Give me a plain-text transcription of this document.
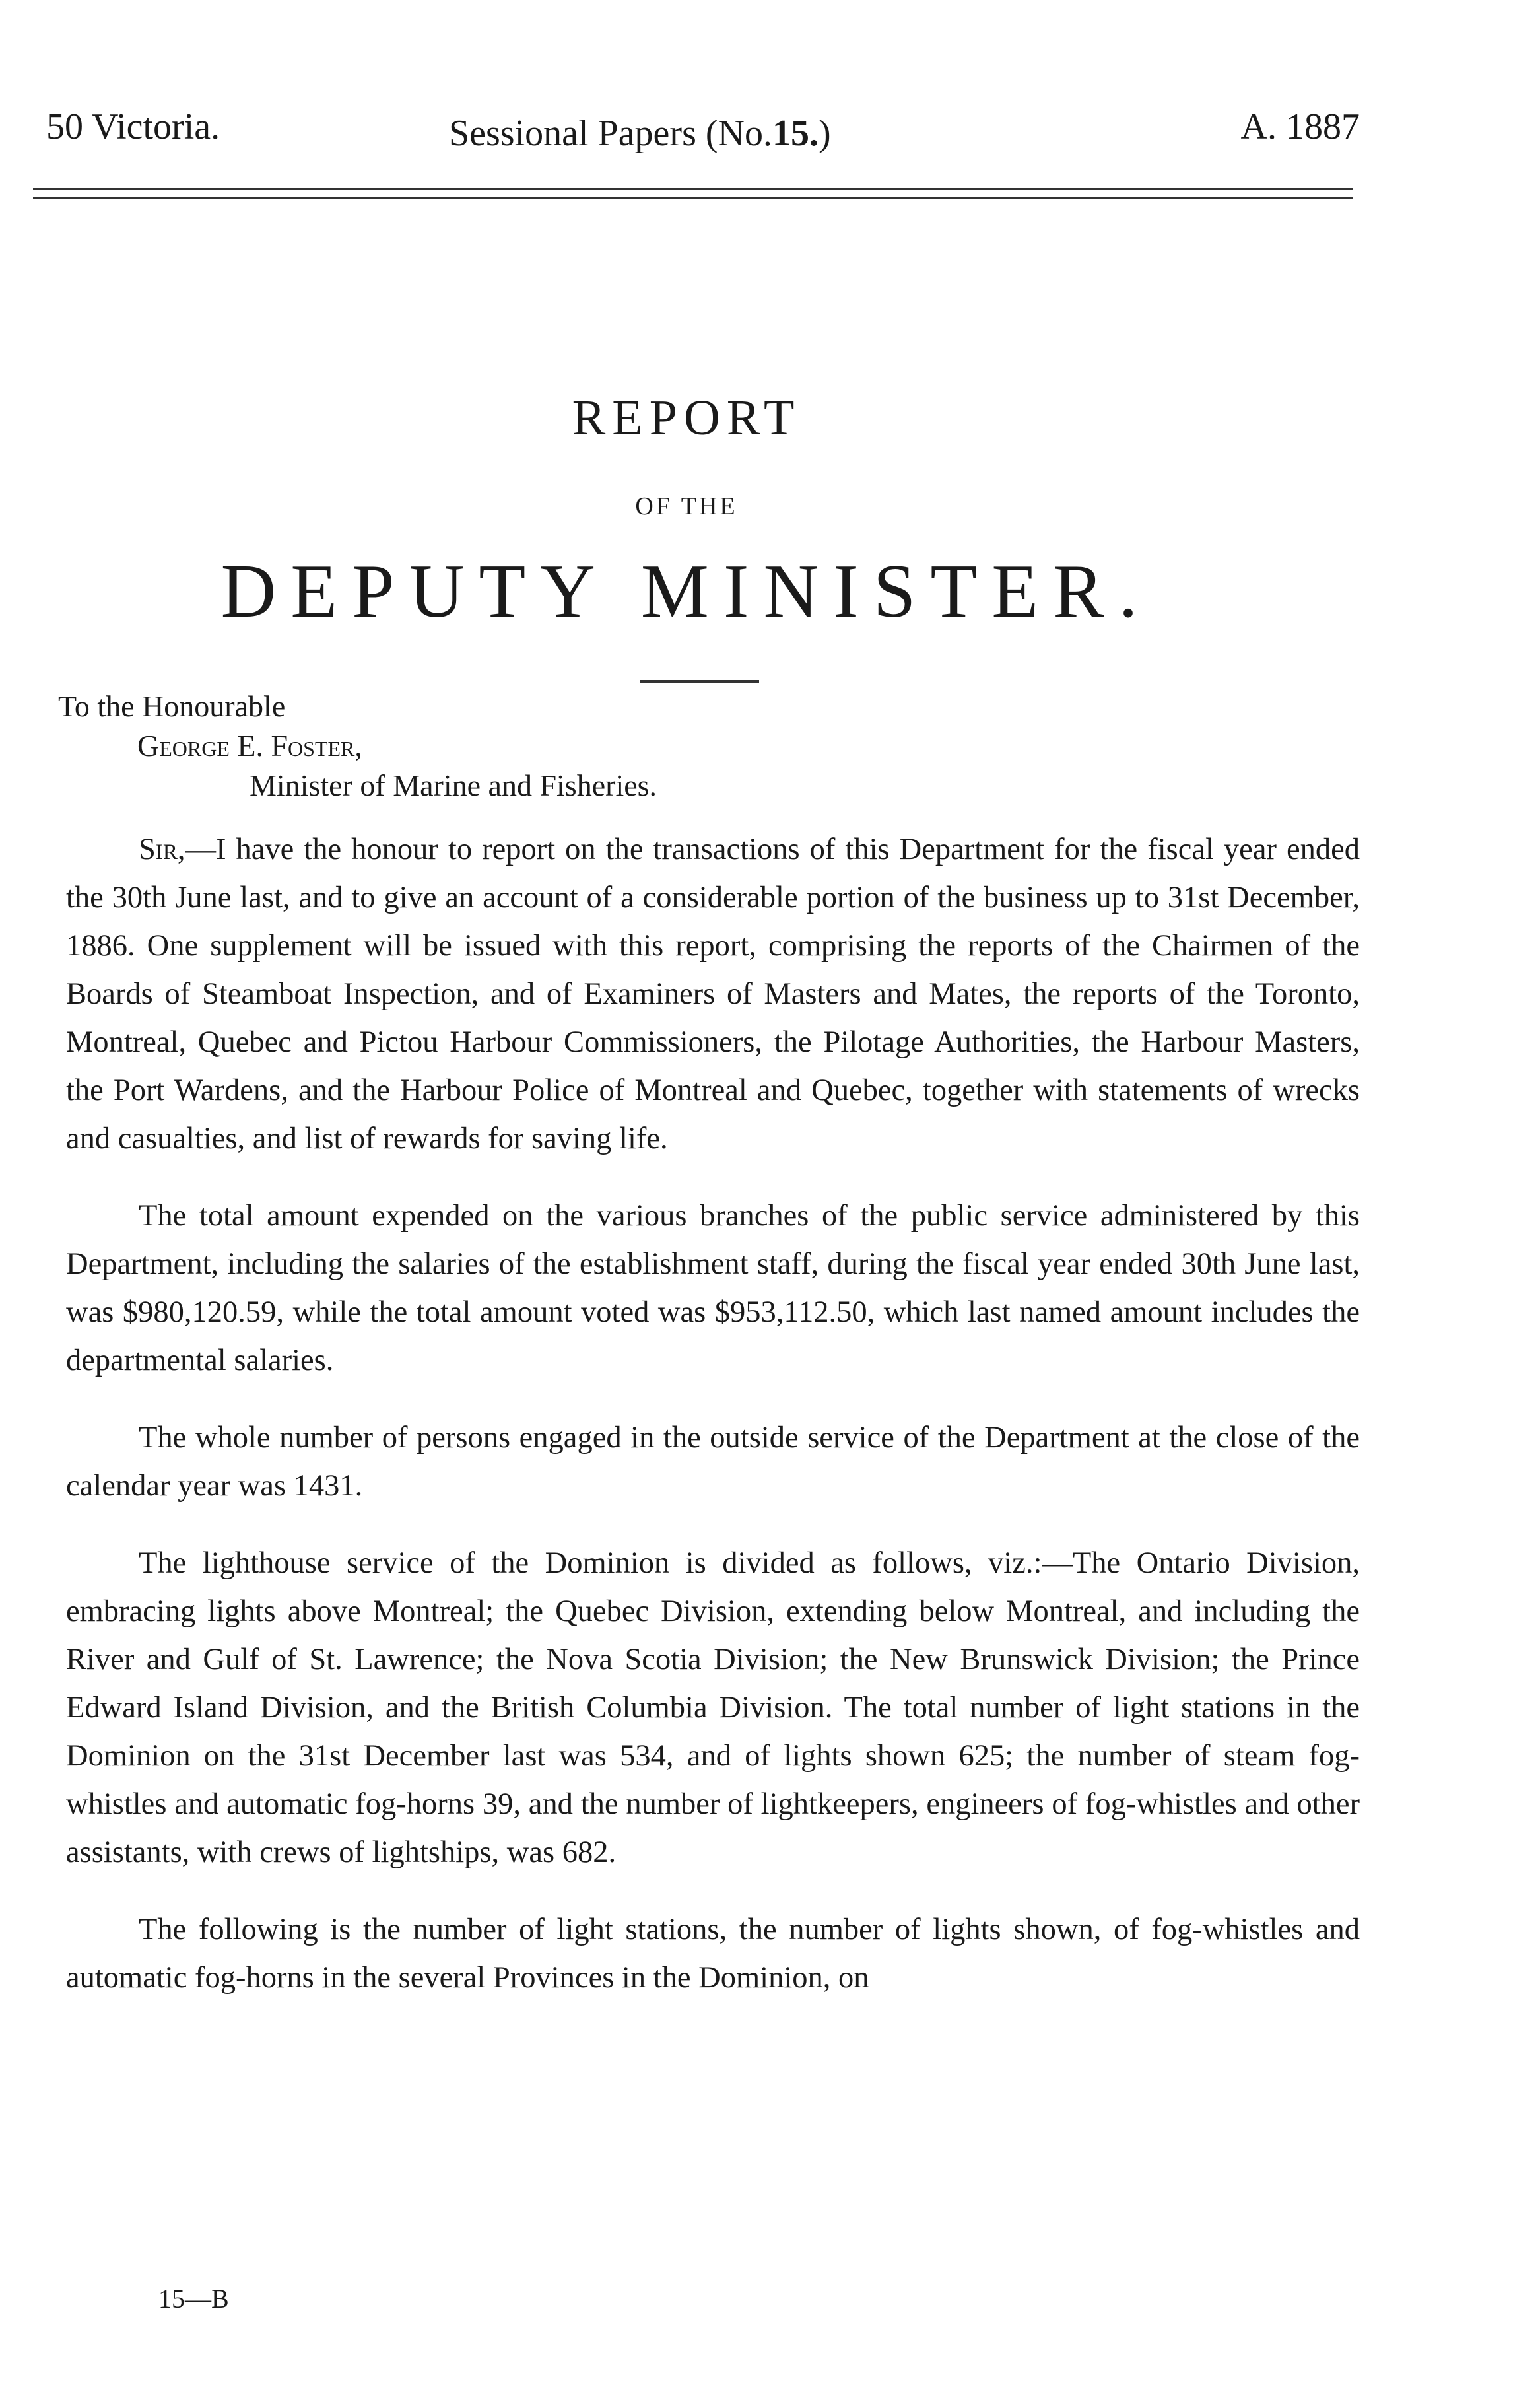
50 Victoria.	Sessional Papers (No.15.)	A. 1887
REPORT
OF THE
DEPUTY MINISTER.
To the Honourable
George E. Foster,
Minister of Marine and Fisheries.

Sir,—I have the honour to report on the transactions of this Department for the fiscal year ended the 30th June last, and to give an account of a considerable portion of the business up to 31st December, 1886. One supplement will be issued with this report, comprising the reports of the Chairmen of the Boards of Steamboat Inspection, and of Examiners of Masters and Mates, the reports of the Toronto, Montreal, Quebec and Pictou Harbour Commissioners, the Pilotage Authorities, the Harbour Masters, the Port Wardens, and the Harbour Police of Montreal and Quebec, together with statements of wrecks and casualties, and list of rewards for saving life.

The total amount expended on the various branches of the public service administered by this Department, including the salaries of the establishment staff, during the fiscal year ended 30th June last, was $980,120.59, while the total amount voted was $953,112.50, which last named amount includes the departmental salaries.

The whole number of persons engaged in the outside service of the Department at the close of the calendar year was 1431.

The lighthouse service of the Dominion is divided as follows, viz.:—The Ontario Division, embracing lights above Montreal; the Quebec Division, extending below Montreal, and including the River and Gulf of St. Lawrence; the Nova Scotia Division; the New Brunswick Division; the Prince Edward Island Division, and the British Columbia Division. The total number of light stations in the Dominion on the 31st December last was 534, and of lights shown 625; the number of steam fog-whistles and automatic fog-horns 39, and the number of lightkeepers, engineers of fog-whistles and other assistants, with crews of lightships, was 682.

The following is the number of light stations, the number of lights shown, of fog-whistles and automatic fog-horns in the several Provinces in the Dominion, on

15—B
